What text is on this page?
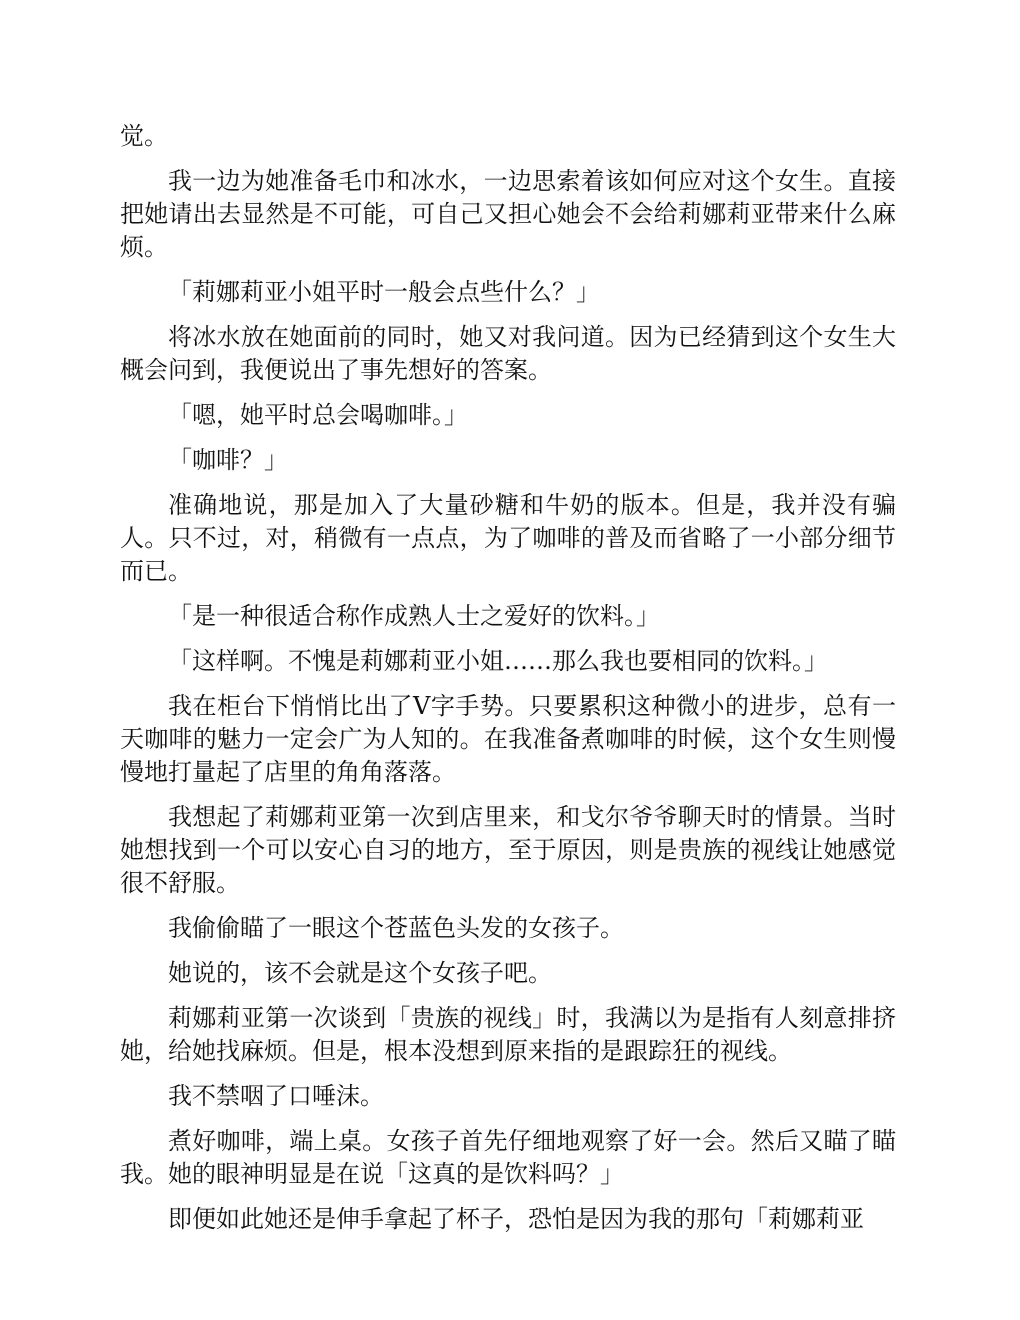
觉。

我一边为她准备毛巾和冰水，一边思索着该如何应对这个女生。直接把她请出去显然是不可能，可自己又担心她会不会给莉娜莉亚带来什么麻烦。

「莉娜莉亚小姐平时一般会点些什么？」

将冰水放在她面前的同时，她又对我问道。因为已经猜到这个女生大概会问到，我便说出了事先想好的答案。

「嗯，她平时总会喝咖啡。」

「咖啡？」

准确地说，那是加入了大量砂糖和牛奶的版本。但是，我并没有骗人。只不过，对，稍微有一点点，为了咖啡的普及而省略了一小部分细节而已。

「是一种很适合称作成熟人士之爱好的饮料。」

「这样啊。不愧是莉娜莉亚小姐……那么我也要相同的饮料。」

我在柜台下悄悄比出了V字手势。只要累积这种微小的进步，总有一天咖啡的魅力一定会广为人知的。在我准备煮咖啡的时候，这个女生则慢慢地打量起了店里的角角落落。

我想起了莉娜莉亚第一次到店里来，和戈尔爷爷聊天时的情景。当时她想找到一个可以安心自习的地方，至于原因，则是贵族的视线让她感觉很不舒服。

我偷偷瞄了一眼这个苍蓝色头发的女孩子。

她说的，该不会就是这个女孩子吧。

莉娜莉亚第一次谈到「贵族的视线」时，我满以为是指有人刻意排挤她，给她找麻烦。但是，根本没想到原来指的是跟踪狂的视线。

我不禁咽了口唾沫。

煮好咖啡，端上桌。女孩子首先仔细地观察了好一会。然后又瞄了瞄我。她的眼神明显是在说「这真的是饮料吗？」

即便如此她还是伸手拿起了杯子，恐怕是因为我的那句「莉娜莉亚
